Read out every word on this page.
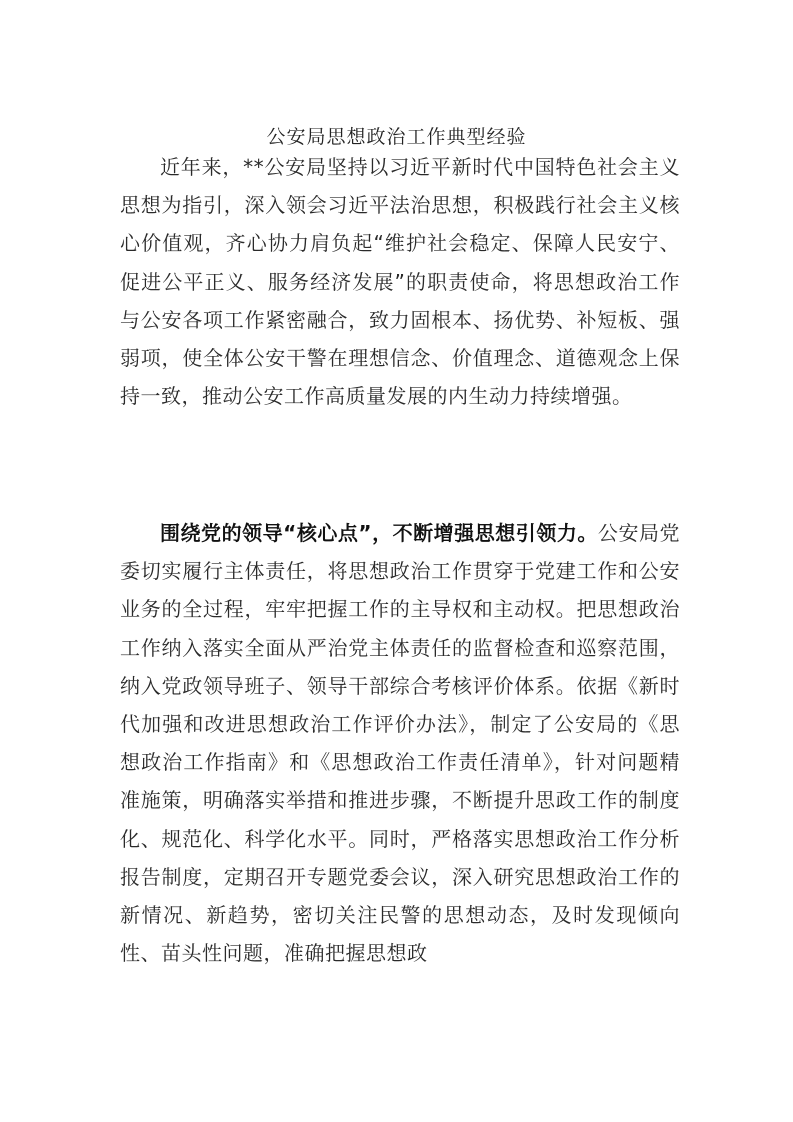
公安局思想政治工作典型经验

近年来，**公安局坚持以习近平新时代中国特色社会主义思想为指引，深入领会习近平法治思想，积极践行社会主义核心价值观，齐心协力肩负起“维护社会稳定、保障人民安宁、促进公平正义、服务经济发展”的职责使命，将思想政治工作与公安各项工作紧密融合，致力固根本、扬优势、补短板、强弱项，使全体公安干警在理想信念、价值理念、道德观念上保持一致，推动公安工作高质量发展的内生动力持续增强。

围绕党的领导“核心点”，不断增强思想引领力。公安局党委切实履行主体责任，将思想政治工作贯穿于党建工作和公安业务的全过程，牢牢把握工作的主导权和主动权。把思想政治工作纳入落实全面从严治党主体责任的监督检查和巡察范围，纳入党政领导班子、领导干部综合考核评价体系。依据《新时代加强和改进思想政治工作评价办法》，制定了公安局的《思想政治工作指南》和《思想政治工作责任清单》，针对问题精准施策，明确落实举措和推进步骤，不断提升思政工作的制度化、规范化、科学化水平。同时，严格落实思想政治工作分析报告制度，定期召开专题党委会议，深入研究思想政治工作的新情况、新趋势，密切关注民警的思想动态，及时发现倾向性、苗头性问题，准确把握思想政
